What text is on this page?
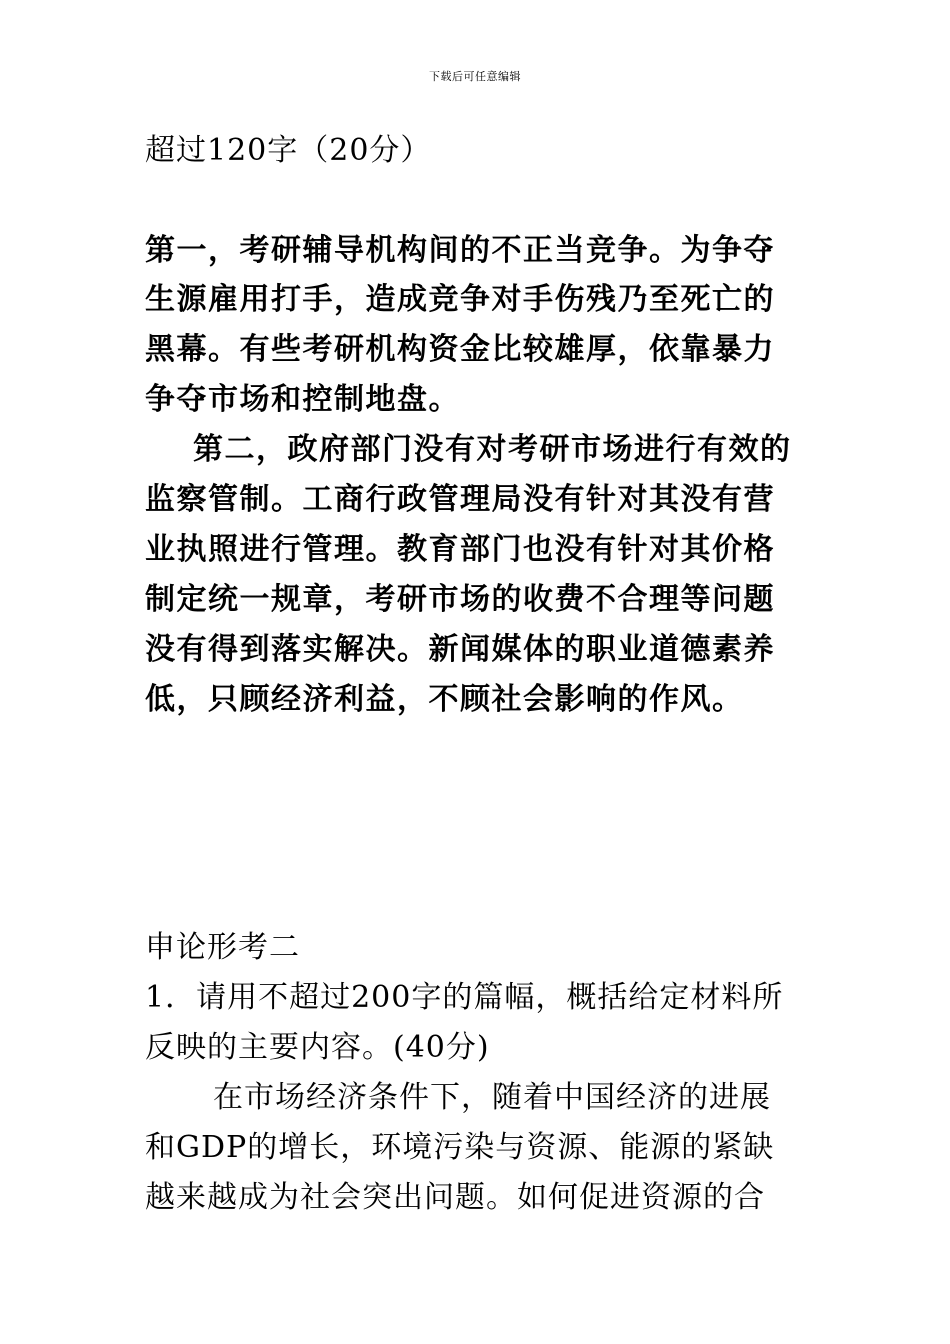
下载后可任意编辑
超过120字（20分）
第一，考研辅导机构间的不正当竞争。为争夺
生源雇用打手，造成竞争对手伤残乃至死亡的
黑幕。有些考研机构资金比较雄厚，依靠暴力
争夺市场和控制地盘。
第二，政府部门没有对考研市场进行有效的
监察管制。工商行政管理局没有针对其没有营
业执照进行管理。教育部门也没有针对其价格
制定统一规章，考研市场的收费不合理等问题
没有得到落实解决。新闻媒体的职业道德素养
低，只顾经济利益，不顾社会影响的作风。
申论形考二
1．请用不超过200字的篇幅，概括给定材料所
反映的主要内容。(40分)
在市场经济条件下，随着中国经济的进展
和GDP的增长，环境污染与资源、能源的紧缺
越来越成为社会突出问题。如何促进资源的合
